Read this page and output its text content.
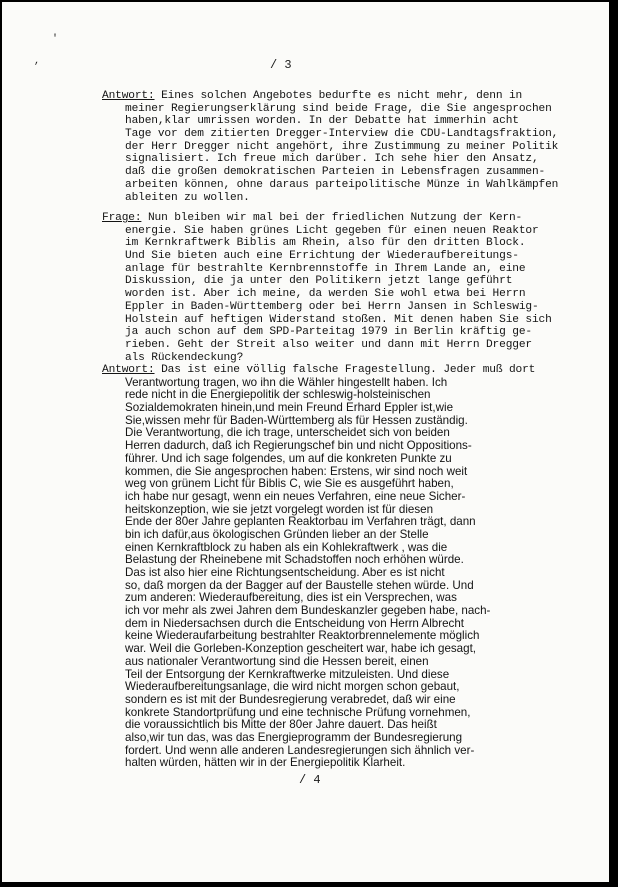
'
,	/ 3
Antwort: Eines solchen Angebotes bedurfte es nicht mehr, denn in
meiner Regierungserklärung sind beide Frage, die Sie angesprochen
haben,klar umrissen worden. In der Debatte hat immerhin acht
Tage vor dem zitierten Dregger-Interview die CDU-Landtagsfraktion,
der Herr Dregger nicht angehört, ihre Zustimmung zu meiner Politik
signalisiert. Ich freue mich darüber. Ich sehe hier den Ansatz,
daß die großen demokratischen Parteien in Lebensfragen zusammen-
arbeiten können, ohne daraus parteipolitische Münze in Wahlkämpfen
ableiten zu wollen.
Frage: Nun bleiben wir mal bei der friedlichen Nutzung der Kern-
energie. Sie haben grünes Licht gegeben für einen neuen Reaktor
im Kernkraftwerk Biblis am Rhein, also für den dritten Block.
Und Sie bieten auch eine Errichtung der Wiederaufbereitungs-
anlage für bestrahlte Kernbrennstoffe in Ihrem Lande an, eine
Diskussion, die ja unter den Politikern jetzt lange geführt
worden ist. Aber ich meine, da werden Sie wohl etwa bei Herrn
Eppler in Baden-Württemberg oder bei Herrn Jansen in Schleswig-
Holstein auf heftigen Widerstand stoßen. Mit denen haben Sie sich
ja auch schon auf dem SPD-Parteitag 1979 in Berlin kräftig ge-
rieben. Geht der Streit also weiter und dann mit Herrn Dregger
als Rückendeckung?
Antwort: Das ist eine völlig falsche Fragestellung. Jeder muß dort
Verantwortung tragen, wo ihn die Wähler hingestellt haben. Ich
rede nicht in die Energiepolitik der schleswig-holsteinischen
Sozialdemokraten hinein,und mein Freund Erhard Eppler ist,wie
Sie,wissen mehr für Baden-Württemberg als für Hessen zuständig.
Die Verantwortung, die ich trage, unterscheidet sich von beiden
Herren dadurch, daß ich Regierungschef bin und nicht Oppositions-
führer. Und ich sage folgendes, um auf die konkreten Punkte zu
kommen, die Sie angesprochen haben: Erstens, wir sind noch weit
weg von grünem Licht für Biblis C, wie Sie es ausgeführt haben,
ich habe nur gesagt, wenn ein neues Verfahren, eine neue Sicher-
heitskonzeption, wie sie jetzt vorgelegt worden ist für diesen
Ende der 80er Jahre geplanten Reaktorbau im Verfahren trägt, dann
bin ich dafür,aus ökologischen Gründen lieber an der Stelle
einen Kernkraftblock zu haben als ein Kohlekraftwerk , was die
Belastung der Rheinebene mit Schadstoffen noch erhöhen würde.
Das ist also hier eine Richtungsentscheidung. Aber es ist nicht
so, daß morgen da der Bagger auf der Baustelle stehen würde. Und
zum anderen: Wiederaufbereitung, dies ist ein Versprechen, was
ich vor mehr als zwei Jahren dem Bundeskanzler gegeben habe, nach-
dem in Niedersachsen durch die Entscheidung von Herrn Albrecht
keine Wiederaufarbeitung bestrahlter Reaktorbrennelemente möglich
war. Weil die Gorleben-Konzeption gescheitert war, habe ich gesagt,
aus nationaler Verantwortung sind die Hessen bereit, einen
Teil der Entsorgung der Kernkraftwerke mitzuleisten. Und diese
Wiederaufbereitungsanlage, die wird nicht morgen schon gebaut,
sondern es ist mit der Bundesregierung verabredet, daß wir eine
konkrete Standortprüfung und eine technische Prüfung vornehmen,
die voraussichtlich bis Mitte der 80er Jahre dauert. Das heißt
also,wir tun das, was das Energieprogramm der Bundesregierung
fordert. Und wenn alle anderen Landesregierungen sich ähnlich ver-
halten würden, hätten wir in der Energiepolitik Klarheit.
/ 4
